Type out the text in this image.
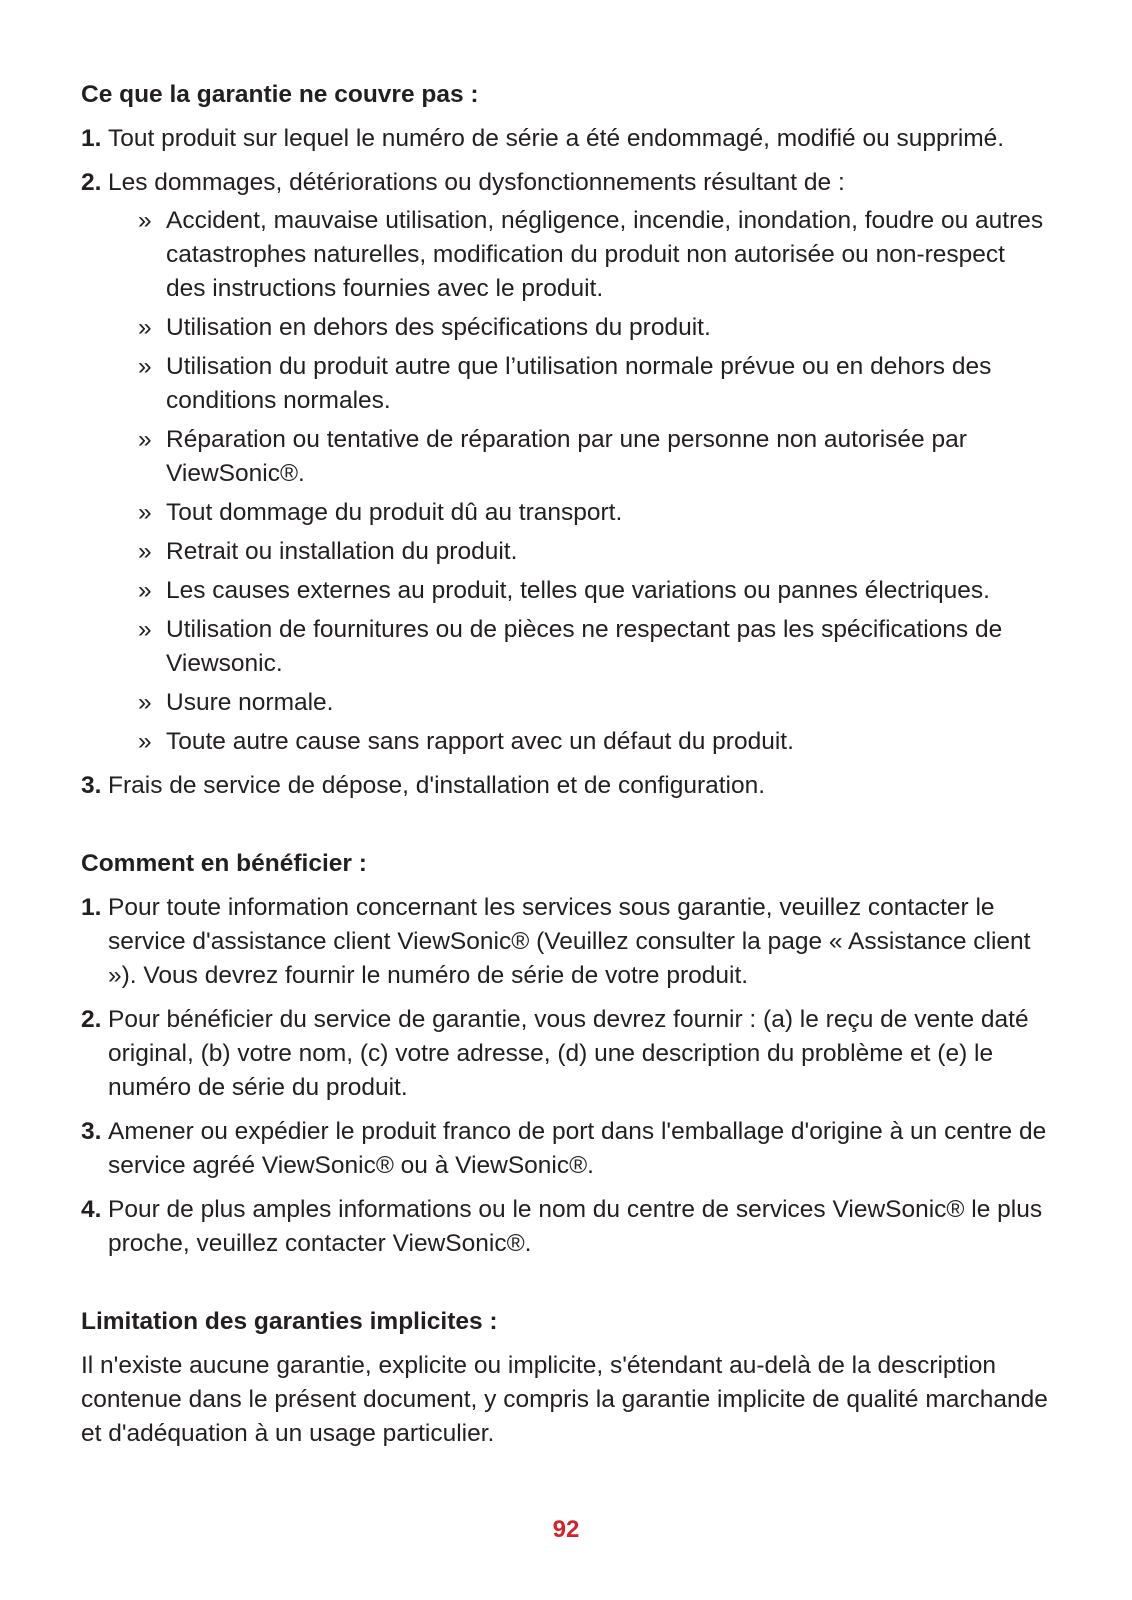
Ce que la garantie ne couvre pas :
1. Tout produit sur lequel le numéro de série a été endommagé, modifié ou supprimé.
2. Les dommages, détériorations ou dysfonctionnements résultant de :
» Accident, mauvaise utilisation, négligence, incendie, inondation, foudre ou autres catastrophes naturelles, modification du produit non autorisée ou non-respect des instructions fournies avec le produit.
» Utilisation en dehors des spécifications du produit.
» Utilisation du produit autre que l’utilisation normale prévue ou en dehors des conditions normales.
» Réparation ou tentative de réparation par une personne non autorisée par ViewSonic®.
» Tout dommage du produit dû au transport.
» Retrait ou installation du produit.
» Les causes externes au produit, telles que variations ou pannes électriques.
» Utilisation de fournitures ou de pièces ne respectant pas les spécifications de Viewsonic.
» Usure normale.
» Toute autre cause sans rapport avec un défaut du produit.
3. Frais de service de dépose, d'installation et de configuration.
Comment en bénéficier :
1. Pour toute information concernant les services sous garantie, veuillez contacter le service d'assistance client ViewSonic® (Veuillez consulter la page « Assistance client »). Vous devrez fournir le numéro de série de votre produit.
2. Pour bénéficier du service de garantie, vous devrez fournir : (a) le reçu de vente daté original, (b) votre nom, (c) votre adresse, (d) une description du problème et (e) le numéro de série du produit.
3. Amener ou expédier le produit franco de port dans l'emballage d'origine à un centre de service agréé ViewSonic® ou à ViewSonic®.
4. Pour de plus amples informations ou le nom du centre de services ViewSonic® le plus proche, veuillez contacter ViewSonic®.
Limitation des garanties implicites :

Il n'existe aucune garantie, explicite ou implicite, s'étendant au-delà de la description contenue dans le présent document, y compris la garantie implicite de qualité marchande et d'adéquation à un usage particulier.

92
